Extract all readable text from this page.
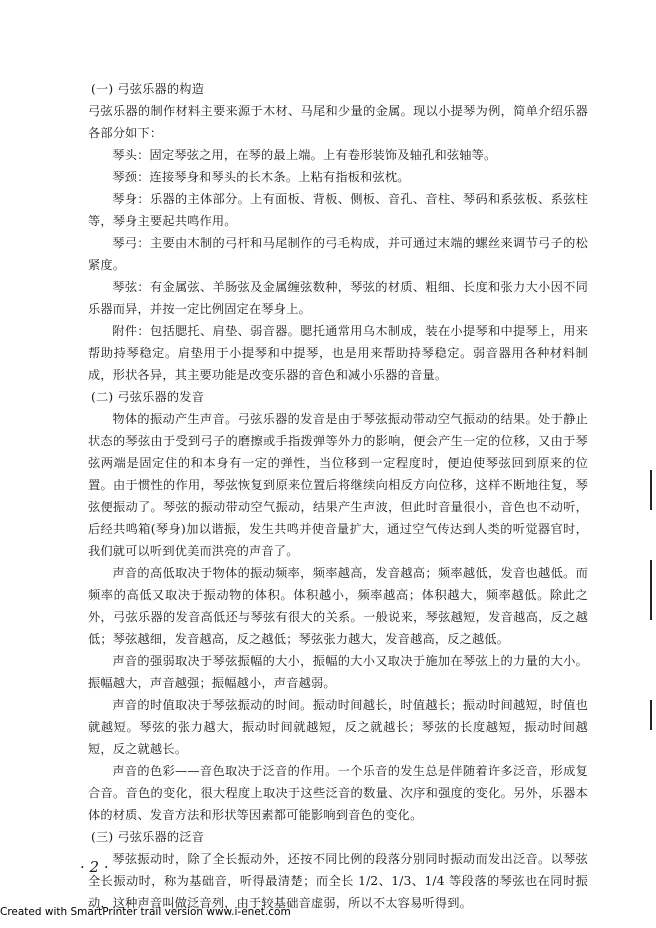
(一) 弓弦乐器的构造

弓弦乐器的制作材料主要来源于木材、马尾和少量的金属。现以小提琴为例，简单介绍乐器各部分如下：

琴头：固定琴弦之用，在琴的最上端。上有卷形装饰及轴孔和弦轴等。

琴颈：连接琴身和琴头的长木条。上粘有指板和弦枕。

琴身：乐器的主体部分。上有面板、背板、侧板、音孔、音柱、琴码和系弦板、系弦柱等，琴身主要起共鸣作用。

琴弓：主要由木制的弓杆和马尾制作的弓毛构成，并可通过末端的螺丝来调节弓子的松紧度。

琴弦：有金属弦、羊肠弦及金属缠弦数种，琴弦的材质、粗细、长度和张力大小因不同乐器而异，并按一定比例固定在琴身上。

附件：包括腮托、肩垫、弱音器。腮托通常用乌木制成，装在小提琴和中提琴上，用来帮助持琴稳定。肩垫用于小提琴和中提琴，也是用来帮助持琴稳定。弱音器用各种材料制成，形状各异，其主要功能是改变乐器的音色和减小乐器的音量。

(二) 弓弦乐器的发音

物体的振动产生声音。弓弦乐器的发音是由于琴弦振动带动空气振动的结果。处于静止状态的琴弦由于受到弓子的磨擦或手指拨弹等外力的影响，便会产生一定的位移，又由于琴弦两端是固定住的和本身有一定的弹性，当位移到一定程度时，便迫使琴弦回到原来的位置。由于惯性的作用，琴弦恢复到原来位置后将继续向相反方向位移，这样不断地往复，琴弦便振动了。琴弦的振动带动空气振动，结果产生声波，但此时音量很小，音色也不动听，后经共鸣箱(琴身)加以谐振，发生共鸣并使音量扩大，通过空气传达到人类的听觉器官时，我们就可以听到优美而洪亮的声音了。

声音的高低取决于物体的振动频率，频率越高，发音越高；频率越低，发音也越低。而频率的高低又取决于振动物的体积。体积越小，频率越高；体积越大，频率越低。除此之外，弓弦乐器的发音高低还与琴弦有很大的关系。一般说来，琴弦越短，发音越高，反之越低；琴弦越细，发音越高，反之越低；琴弦张力越大，发音越高，反之越低。

声音的强弱取决于琴弦振幅的大小，振幅的大小又取决于施加在琴弦上的力量的大小。振幅越大，声音越强；振幅越小，声音越弱。

声音的时值取决于琴弦振动的时间。振动时间越长，时值越长；振动时间越短，时值也就越短。琴弦的张力越大，振动时间就越短，反之就越长；琴弦的长度越短，振动时间越短，反之就越长。

声音的色彩——音色取决于泛音的作用。一个乐音的发生总是伴随着许多泛音，形成复合音。音色的变化，很大程度上取决于这些泛音的数量、次序和强度的变化。另外，乐器本体的材质、发音方法和形状等因素都可能影响到音色的变化。

(三) 弓弦乐器的泛音

琴弦振动时，除了全长振动外，还按不同比例的段落分别同时振动而发出泛音。以琴弦全长振动时，称为基础音，听得最清楚；而全长 1/2、1/3、1/4 等段落的琴弦也在同时振动，这种声音叫做泛音列，由于较基础音虚弱，所以不太容易听得到。

· 2 ·
Created with SmartPrinter trail version www.i-enet.com
